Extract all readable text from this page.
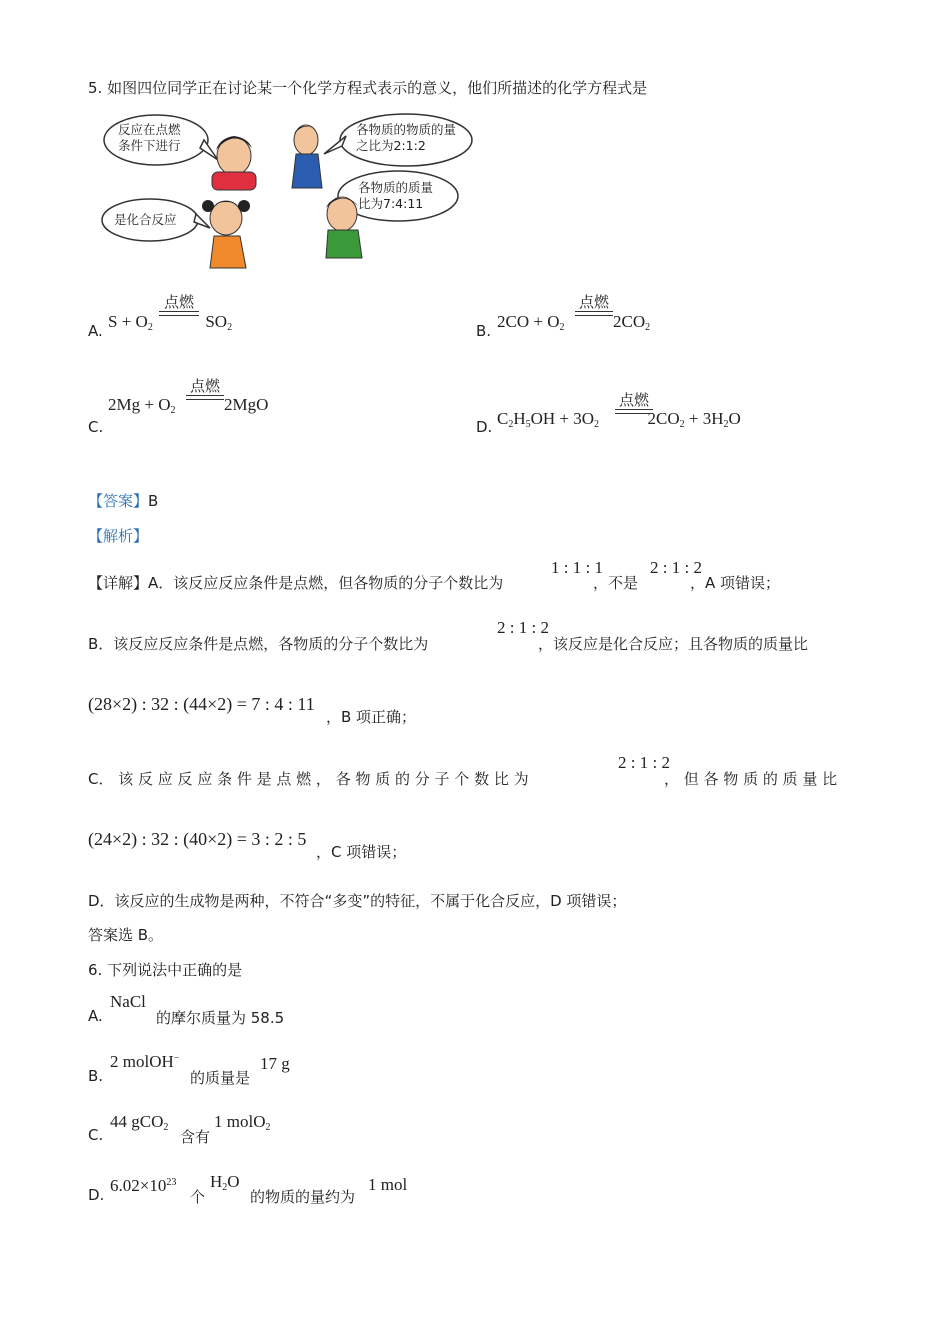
5. 如图四位同学正在讨论某一个化学方程式表示的意义，他们所描述的化学方程式是
反应在点燃条件下进行
各物质的物质的量之比为2:1:2
各物质的质量比为7:4:11
是化合反应
A. $S + O_2$	$SO_2$
点燃
B. $2CO + O_2$	$2CO_2$
点燃
C.
$2Mg + O_2$	2MgO
点燃
D. $C_2H_5OH + 3O_2$	$2CO_2 + 3H_2O$
点燃
【答案】B
【解析】
【详解】A．该反应反应条件是点燃，但各物质的分子个数比为
1 : 1 : 1
，不是
2 : 1 : 2
，A 项错误；
B．该反应反应条件是点燃，各物质的分子个数比为
2 : 1 : 2
，该反应是化合反应；且各物质的质量比
(28×2) : 32 : (44×2) = 7 : 4 : 11
，B 项正确；
C． 该 反 应 反 应 条 件 是 点 燃 ， 各 物 质 的 分 子 个 数 比 为
2 : 1 : 2
， 但 各 物 质 的 质 量 比
(24×2) : 32 : (40×2) = 3 : 2 : 5
，C 项错误；
D．该反应的生成物是两种，不符合“多变”的特征，不属于化合反应，D 项错误；
答案选 B。
6. 下列说法中正确的是
A.
NaCl
的摩尔质量为 58.5
B.
2 molOH−
的质量是
17 g
C.
44 gCO$_2$
含有
1 molO$_2$
D. $6.02\times 10^{23}$
个
$H_2O$
的物质的量约为
1 mol
